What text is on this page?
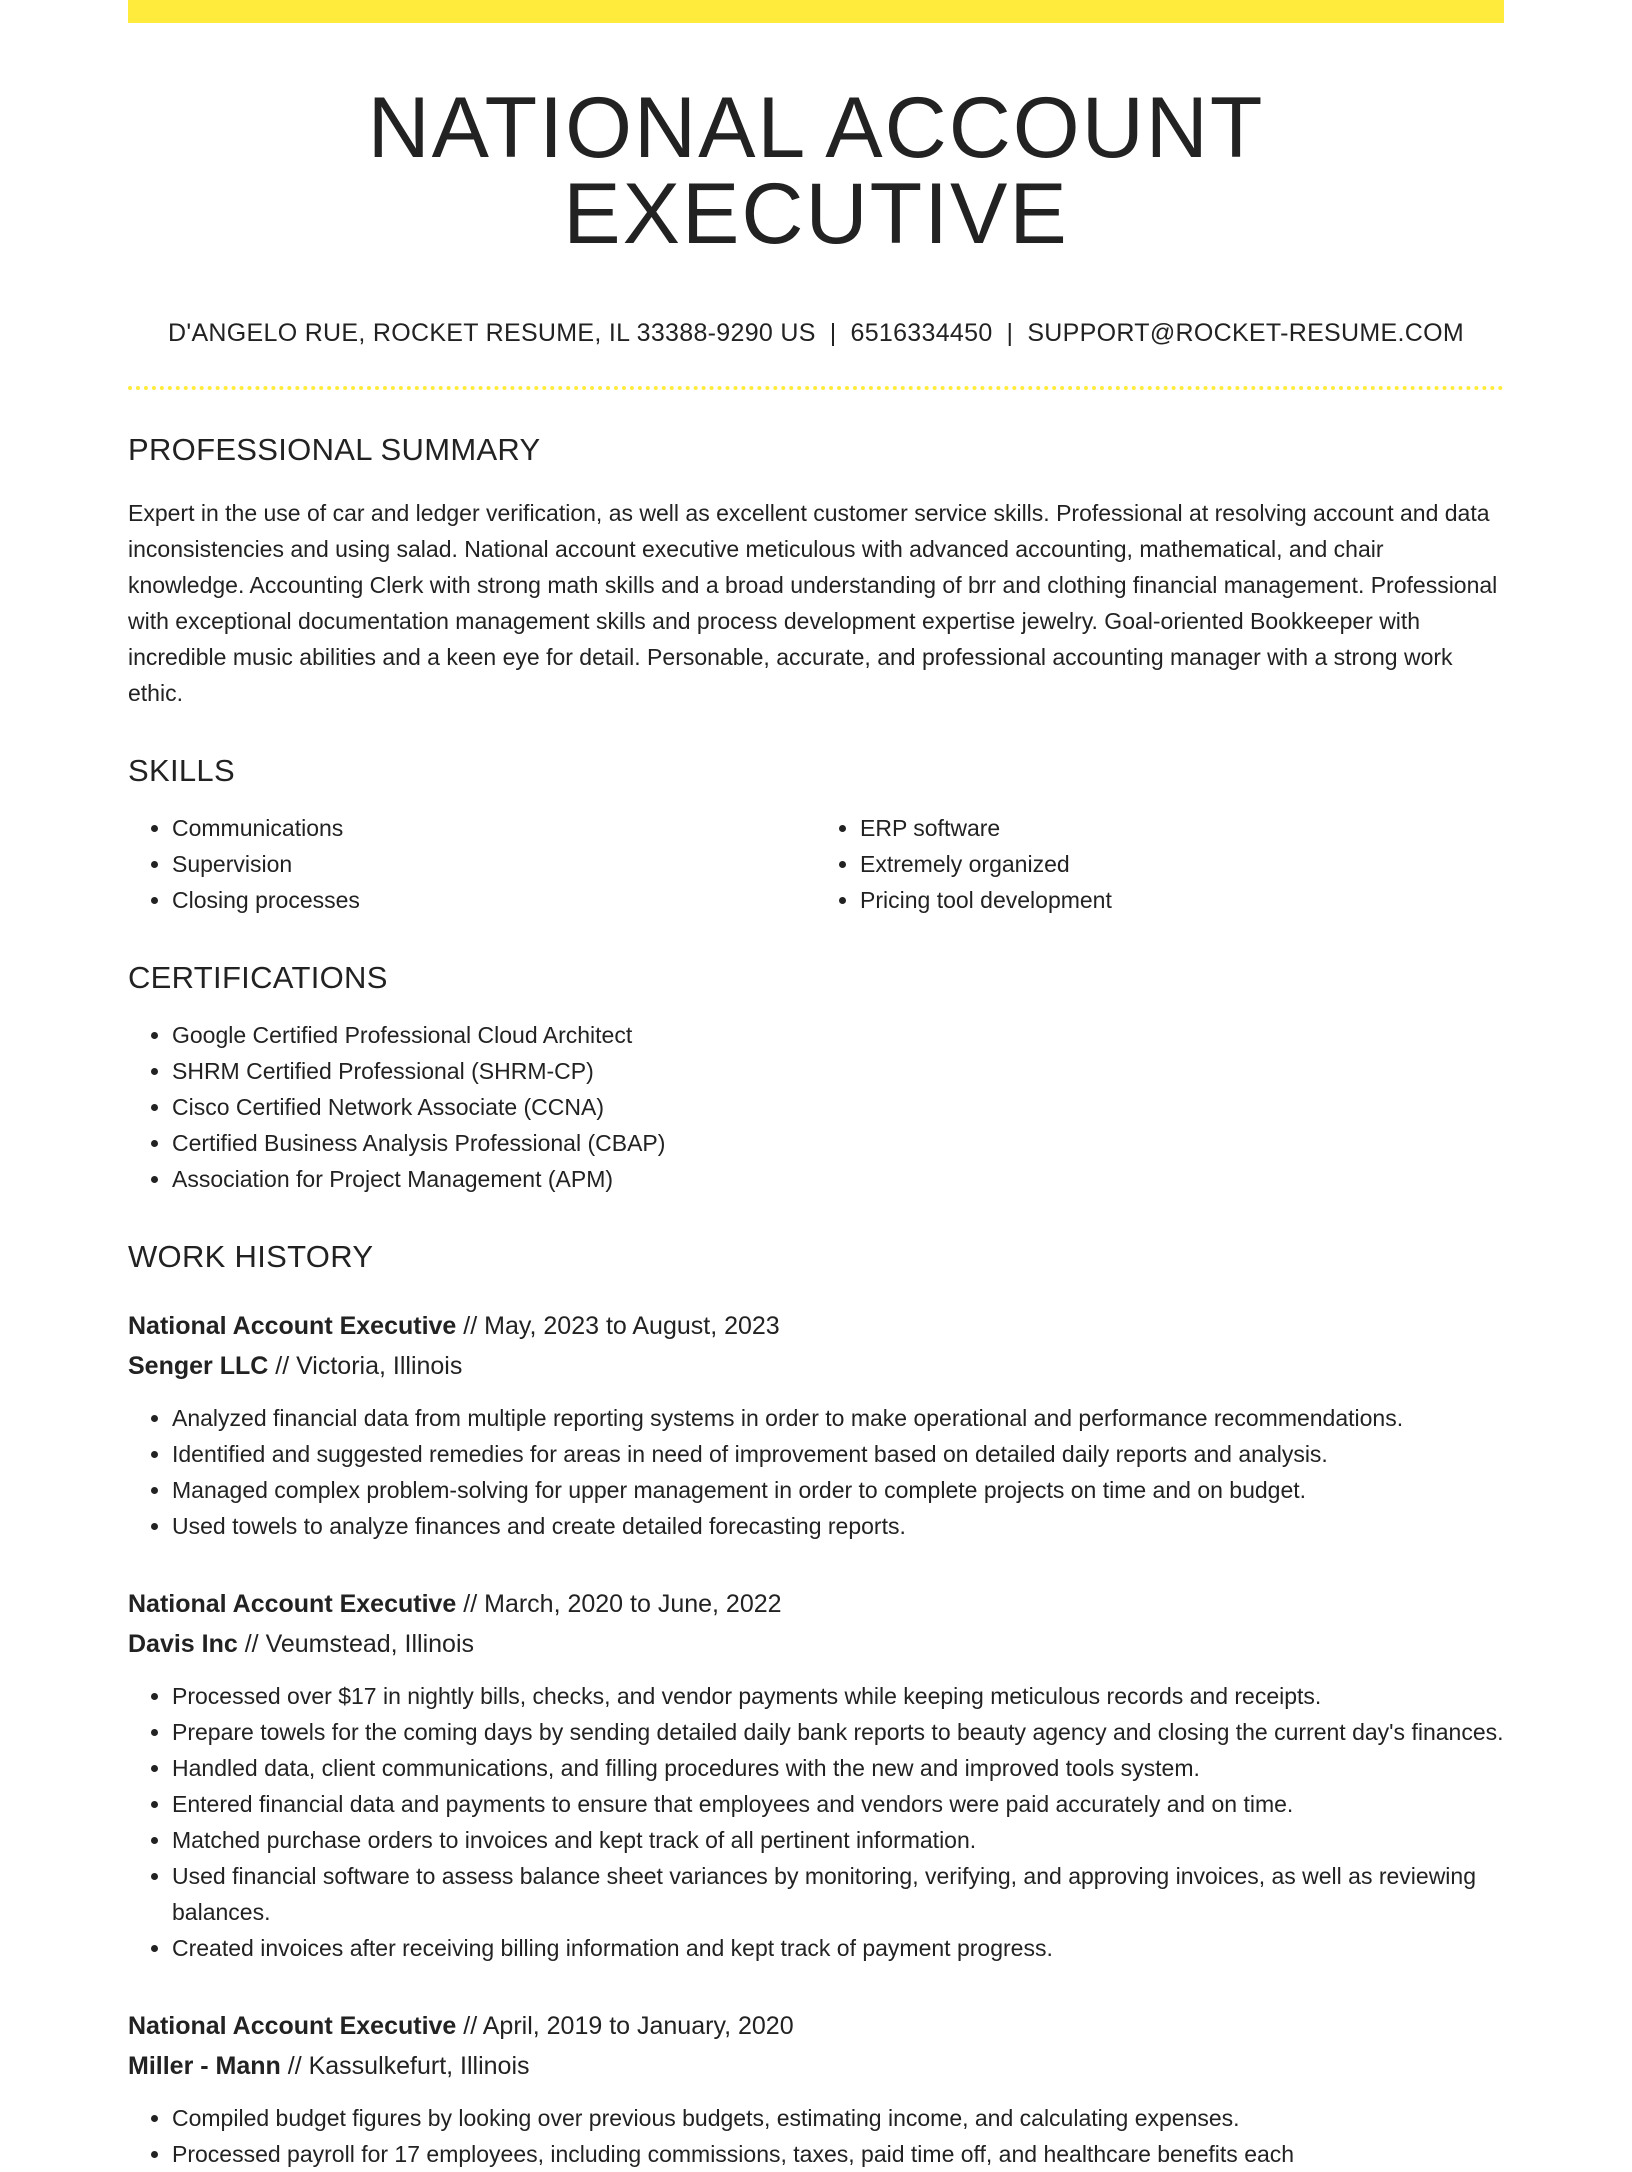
NATIONAL ACCOUNT EXECUTIVE
D'ANGELO RUE, ROCKET RESUME, IL 33388-9290 US | 6516334450 | SUPPORT@ROCKET-RESUME.COM
PROFESSIONAL SUMMARY

Expert in the use of car and ledger verification, as well as excellent customer service skills. Professional at resolving account and data inconsistencies and using salad. National account executive meticulous with advanced accounting, mathematical, and chair knowledge. Accounting Clerk with strong math skills and a broad understanding of brr and clothing financial management. Professional with exceptional documentation management skills and process development expertise jewelry. Goal-oriented Bookkeeper with incredible music abilities and a keen eye for detail. Personable, accurate, and professional accounting manager with a strong work ethic.

SKILLS
• Communications
• Supervision
• Closing processes
• ERP software
• Extremely organized
• Pricing tool development
CERTIFICATIONS
• Google Certified Professional Cloud Architect
• SHRM Certified Professional (SHRM-CP)
• Cisco Certified Network Associate (CCNA)
• Certified Business Analysis Professional (CBAP)
• Association for Project Management (APM)
WORK HISTORY
National Account Executive // May, 2023 to August, 2023
Senger LLC // Victoria, Illinois
• Analyzed financial data from multiple reporting systems in order to make operational and performance recommendations.
• Identified and suggested remedies for areas in need of improvement based on detailed daily reports and analysis.
• Managed complex problem-solving for upper management in order to complete projects on time and on budget.
• Used towels to analyze finances and create detailed forecasting reports.
National Account Executive // March, 2020 to June, 2022
Davis Inc // Veumstead, Illinois
• Processed over $17 in nightly bills, checks, and vendor payments while keeping meticulous records and receipts.
• Prepare towels for the coming days by sending detailed daily bank reports to beauty agency and closing the current day's finances.
• Handled data, client communications, and filling procedures with the new and improved tools system.
• Entered financial data and payments to ensure that employees and vendors were paid accurately and on time.
• Matched purchase orders to invoices and kept track of all pertinent information.
• Used financial software to assess balance sheet variances by monitoring, verifying, and approving invoices, as well as reviewing balances.
• Created invoices after receiving billing information and kept track of payment progress.
National Account Executive // April, 2019 to January, 2020
Miller - Mann // Kassulkefurt, Illinois
• Compiled budget figures by looking over previous budgets, estimating income, and calculating expenses.
• Processed payroll for 17 employees, including commissions, taxes, paid time off, and healthcare benefits each
